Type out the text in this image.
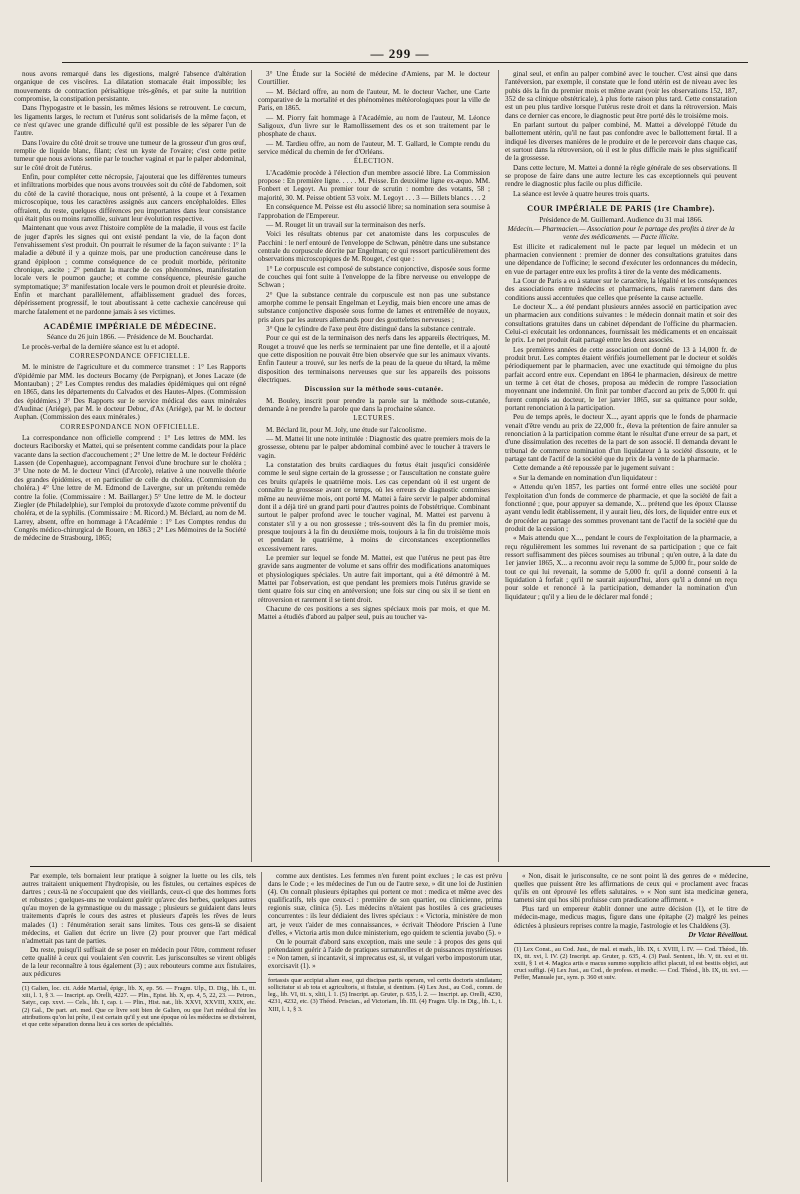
— 299 —

nous avons remarqué dans les digestions, malgré l'absence d'altération organique de ces viscères. La dilatation stomacale était impossible; les mouvements de contraction périsaltique très-gênés, et par suite la nutrition compromise, la constipation persistante.

Dans l'hypogastre et le bassin, les mêmes lésions se retrouvent. Le cœcum, les ligaments larges, le rectum et l'utérus sont solidarisés de la même façon, et ce n'est qu'avec une grande difficulté qu'il est possible de les séparer l'un de l'autre.

Dans l'ovaire du côté droit se trouve une tumeur de la grosseur d'un gros œuf, remplie de liquide blanc, filant; c'est un kyste de l'ovaire; c'est cette petite tumeur que nous avions sentie par le toucher vaginal et par le palper abdominal, sur le côté droit de l'utérus.

Enfin, pour compléter cette nécropsie, j'ajouterai que les différentes tumeurs et infiltrations morbides que nous avons trouvées soit du côté de l'abdomen, soit du côté de la cavité thoracique, nous ont présenté, à la coupe et à l'examen microscopique, tous les caractères assignés aux cancers encéphaloïdes. Elles offraient, du reste, quelques différences peu importantes dans leur consistance qui était plus ou moins ramollie, suivant leur évolution respective.

Maintenant que vous avez l'histoire complète de la maladie, il vous est facile de juger d'après les signes qui ont existé pendant la vie, de la façon dont l'envahissement s'est produit. On pourrait le résumer de la façon suivante : 1° la maladie a débuté il y a quinze mois, par une production cancéreuse dans le grand épiploon ; comme conséquence de ce produit morbide, péritonite chronique, ascite ; 2° pendant la marche de ces phénomènes, manifestation locale vers le poumon gauche; et comme conséquence, pleurésie gauche symptomatique; 3° manifestation locale vers le poumon droit et pleurésie droite. Enfin et marchant parallèlement, affaiblissement graduel des forces, dépérissement progressif, le tout aboutissant à cette cachexie cancéreuse qui marche fatalement et ne pardonne jamais à ses victimes.

ACADÉMIE IMPÉRIALE DE MÉDECINE.

Séance du 26 juin 1866. — Présidence de M. Bouchardat.

Le procès-verbal de la dernière séance est lu et adopté.

CORRESPONDANCE OFFICIELLE.

M. le ministre de l'agriculture et du commerce transmet : 1° Les Rapports d'épidémie par MM. les docteurs Bocamy (de Perpignan), et Jones Lacaze (de Montauban) ; 2° Les Comptes rendus des maladies épidémiques qui ont régné en 1865, dans les départements du Calvados et des Hautes-Alpes. (Commission des épidémies.) 3° Des Rapports sur le service médical des eaux minérales d'Audinac (Ariége), par M. le docteur Debuc, d'Ax (Ariége), par M. le docteur Auphan. (Commission des eaux minérales.)

CORRESPONDANCE NON OFFICIELLE.

La correspondance non officielle comprend : 1° Les lettres de MM. les docteurs Raciborsky et Mattei, qui se présentent comme candidats pour la place vacante dans la section d'accouchement ; 2° Une lettre de M. le docteur Frédéric Lassen (de Copenhague), accompagnant l'envoi d'une brochure sur le choléra ; 3° Une note de M. le docteur Vinci (d'Arcole), relative à une nouvelle théorie des grandes épidémies, et en particulier de celle du choléra. (Commission du choléra.) 4° Une lettre de M. Edmond de Lavergne, sur un prétendu remède contre la folie. (Commissaire : M. Baillarger.) 5° Une lettre de M. le docteur Ziegler (de Philadelphie), sur l'emploi du protoxyde d'azote comme préventif du choléra, et de la syphilis. (Commissaire : M. Ricord.) M. Béclard, au nom de M. Larrey, absent, offre en hommage à l'Académie : 1° Les Comptes rendus du Congrès médico-chirurgical de Rouen, en 1863 ; 2° Les Mémoires de la Société de médecine de Strasbourg, 1865;

3° Une Étude sur la Société de médecine d'Amiens, par M. le docteur Courtillier.

— M. Béclard offre, au nom de l'auteur, M. le docteur Vacher, une Carte comparative de la mortalité et des phénomènes météorologiques pour la ville de Paris, en 1865.

— M. Piorry fait hommage à l'Académie, au nom de l'auteur, M. Léonce Saligoux, d'un livre sur le Ramollissement des os et son traitement par le phosphate de chaux.

— M. Tardieu offre, au nom de l'auteur, M. T. Gallard, le Compte rendu du service médical du chemin de fer d'Orléans.

ÉLECTION.

L'Académie procède à l'élection d'un membre associé libre. La Commission propose : En première ligne. . . . . M. Peisse. En deuxième ligne ex-æquo. MM. Fonbert et Legoyt. Au premier tour de scrutin : nombre des votants, 58 ; majorité, 30. M. Peisse obtient 53 voix. M. Legoyt . . . 3 — Billets blancs . . . 2

En conséquence M. Peisse est élu associé libre; sa nomination sera soumise à l'approbation de l'Empereur.

— M. Rouget lit un travail sur la terminaison des nerfs.

Voici les résultats obtenus par cet anatomiste dans les corpuscules de Pacchini : le nerf entouré de l'enveloppe de Schwan, pénètre dans une substance centrale du corpuscule décrite par Engelman; ce qui ressort particulièrement des observations microscopiques de M. Rouget, c'est que :

1° Le corpuscule est composé de substance conjonctive, disposée sous forme de couches qui font suite à l'enveloppe de la fibre nerveuse ou enveloppe de Schwan ;

2° Que la substance centrale du corpuscule est non pas une substance amorphe comme le pensait Engelman et Leydig, mais bien encore une amas de substance conjonctive disposée sous forme de lames et entremêlée de noyaux, pris alors par les auteurs allemands pour des gouttelettes nerveuses ;

3° Que le cylindre de l'axe peut être distingué dans la substance centrale.

Pour ce qui est de la terminaison des nerfs dans les appareils électriques, M. Rouget a trouvé que les nerfs se terminaient par une fine dentelle, et il a ajouté que cette disposition ne pouvait être bien observée que sur les animaux vivants. Enfin l'auteur a trouvé, sur les nerfs de la peau de la queue du têtard, la même disposition des terminaisons nerveuses que sur les appareils des poissons électriques.

Discussion sur la méthode sous-cutanée.

M. Bouley, inscrit pour prendre la parole sur la méthode sous-cutanée, demande à ne prendre la parole que dans la prochaine séance.

LECTURES.

M. Béclard lit, pour M. Joly, une étude sur l'alcoolisme.

— M. Mattei lit une note intitulée : Diagnostic des quatre premiers mois de la grossesse, obtenu par le palper abdominal combiné avec le toucher à travers le vagin.

La constatation des bruits cardiaques du fœtus était jusqu'ici considérée comme le seul signe certain de la grossesse ; or l'auscultation ne constate guère ces bruits qu'après le quatrième mois. Les cas cependant où il est urgent de connaître la grossesse avant ce temps, où les erreurs de diagnostic commises même au neuvième mois, ont porté M. Mattei à faire servir le palper abdominal dont il a déjà tiré un grand parti pour d'autres points de l'obstétrique. Combinant surtout le palper profond avec le toucher vaginal, M. Mattei est parvenu à constater s'il y a ou non grossesse ; très-souvent dès la fin du premier mois, presque toujours à la fin du deuxième mois, toujours à la fin du troisième mois et pendant le quatrième, à moins de circonstances exceptionnelles excessivement rares.

Le premier sur lequel se fonde M. Mattei, est que l'utérus ne peut pas être gravide sans augmenter de volume et sans offrir des modifications anatomiques et physiologiques spéciales. Un autre fait important, qui a été démontré à M. Mattei par l'observation, est que pendant les premiers mois l'utérus gravide se tient quatre fois sur cinq en antéversion; une fois sur cinq ou six il se tient en rétroversion et rarement il se tient droit.

Chacune de ces positions a ses signes spéciaux mois par mois, et que M. Mattei a étudiés d'abord au palper seul, puis au toucher va-

ginal seul, et enfin au palper combiné avec le toucher. C'est ainsi que dans l'antéversion, par exemple, il constate que le fond utérin est de niveau avec les pubis dès la fin du premier mois et même avant (voir les observations 152, 187, 352 de sa clinique obstétricale), à plus forte raison plus tard. Cette constatation est un peu plus tardive lorsque l'utérus reste droit et dans la rétroversion. Mais dans ce dernier cas encore, le diagnostic peut être porté dès le troisième mois.

En parlant surtout du palper combiné, M. Mattei a développé l'étude du ballottement utérin, qu'il ne faut pas confondre avec le ballottement fœtal. Il a indiqué les diverses manières de le produire et de le percevoir dans chaque cas, et surtout dans la rétroversion, où il est le plus difficile mais le plus significatif de la grossesse.

Dans cette lecture, M. Mattei a donné la règle générale de ses observations. Il se propose de faire dans une autre lecture les cas exceptionnels qui peuvent rendre le diagnostic plus facile ou plus difficile.

La séance est levée à quatre heures trois quarts.

COUR IMPÉRIALE DE PARIS (1re Chambre).

Présidence de M. Guillemard. Audience du 31 mai 1866.

Médecin.— Pharmacien.— Association pour le partage des profits à tirer de la vente des médicaments. — Pacte illicite.

Est illicite et radicalement nul le pacte par lequel un médecin et un pharmacien conviennent : premier de donner des consultations gratuites dans une dépendance de l'officine; le second d'exécuter les ordonnances du médecin, en vue de partager entre eux les profits à tirer de la vente des médicaments.

La Cour de Paris a eu à statuer sur le caractère, la légalité et les conséquences des associations entre médecins et pharmaciens, mais rarement dans des conditions aussi accentuées que celles que présente la cause actuelle.

Le docteur X... a été pendant plusieurs années associé en participation avec un pharmacien aux conditions suivantes : le médecin donnait matin et soir des consultations gratuites dans un cabinet dépendant de l'officine du pharmacien. Celui-ci exécutait les ordonnances, fournissait les médicaments et en encaissait le prix. Le net produit était partagé entre les deux associés.

Les premières années de cette association ont donné de 13 à 14,000 fr. de produit brut. Les comptes étaient vérifiés journellement par le docteur et soldés périodiquement par le pharmacien, avec une exactitude qui témoigne du plus parfait accord entre eux. Cependant en 1864 le pharmacien, désireux de mettre un terme à cet état de choses, proposa au médecin de rompre l'association moyennant une indemnité. On finit par tomber d'accord au prix de 5,000 fr. qui furent comptés au docteur, le 1er janvier 1865, sur sa quittance pour solde, portant renonciation à la participation.

Peu de temps après, le docteur X..., ayant appris que le fonds de pharmacie venait d'être vendu au prix de 22,000 fr., éleva la prétention de faire annuler sa renonciation à la participation comme étant le résultat d'une erreur de sa part, et d'une dissimulation des recettes de la part de son associé. Il demanda devant le tribunal de commerce nomination d'un liquidateur à la société dissoute, et le partage tant de l'actif de la société que du prix de la vente de la pharmacie.

Cette demande a été repoussée par le jugement suivant :

« Sur la demande en nomination d'un liquidateur :

« Attendu qu'en 1857, les parties ont formé entre elles une société pour l'exploitation d'un fonds de commerce de pharmacie, et que la société de fait a fonctionné ; que, pour appuyer sa demande, X... prétend que les époux Clausse ayant vendu ledit établissement, il y aurait lieu, dès lors, de liquider entre eux et de procéder au partage des sommes provenant tant de l'actif de la société que du produit de la cession ;

« Mais attendu que X..., pendant le cours de l'exploitation de la pharmacie, a reçu régulièrement les sommes lui revenant de sa participation ; que ce fait ressort suffisamment des pièces soumises au tribunal ; qu'en outre, à la date du 1er janvier 1865, X... a reconnu avoir reçu la somme de 5,000 fr., pour solde de tout ce qui lui revenait, la somme de 5,000 fr. qu'il a donné consenti à la liquidation à forfait ; qu'il ne saurait aujourd'hui, alors qu'il a donné un reçu pour solde et renoncé à la participation, demander la nomination d'un liquidateur ; qu'il y a lieu de le déclarer mal fondé ;

Par exemple, tels bornaient leur pratique à soigner la luette ou les cils, tels autres traitaient uniquement l'hydropisie, ou les fistules, ou certaines espèces de dartres ; ceux-là ne s'occupaient que des vieillards, ceux-ci que des hommes forts et robustes ; quelques-uns ne voulaient guérir qu'avec des herbes, quelques autres qu'au moyen de la gymnastique ou du massage ; plusieurs se guidaient dans leurs traitements d'après le cours des astres et plusieurs d'après les rêves de leurs malades (1) : l'énumération serait sans limites. Tous ces gens-là se disaient médecins, et Galien dut écrire un livre (2) pour prouver que l'art médical n'admettait pas tant de parties.

Du reste, puisqu'il suffisait de se poser en médecin pour l'être, comment refuser cette qualité à ceux qui voulaient s'en couvrir. Les jurisconsultes se virent obligés de la leur reconnaître à tous également (3) ; aux rebouteurs comme aux fistulaires, aux pédicures

(1) Galien, loc. cit. Adde Martial, épigr., lib. X, ep. 56. — Fragm. Ulp., D. Dig., lib. L, tit. xiii, l. 1, § 3. — Inscript. ap. Orelli, 4227. — Plin., Epist. lib. X, ep. 4, 5, 22, 23. — Petron., Satyr., cap. xxvi. — Cels., lib. I, cap. i. — Plin., Hist. nat., lib. XXVI, XXVIII, XXIX, etc. (2) Gal., De part. art. med. Que ce livre soit bien de Galien, ou que l'art médical tînt les attributions qu'on lui prête, il est certain qu'il y eut une époque où les médecins se divisèrent, et que cette séparation donna lieu à ces sortes de spécialités.

comme aux dentistes. Les femmes n'en furent point exclues ; le cas est prévu dans le Code ; « les médecines de l'un ou de l'autre sexe, » dit une loi de Justinien (4). On connaît plusieurs épitaphes qui portent ce mot : medica et même avec des qualificatifs, tels que ceux-ci : première de son quartier, ou clinicienne, prima regionis suæ, clinica (5). Les médecins n'étaient pas hostiles à ces gracieuses concurrentes : ils leur dédiaient des livres spéciaux : « Victoria, ministère de mon art, je veux t'aider de mes connaissances, » écrivait Théodore Priscien à l'une d'elles, « Victoria artis mon dulce ministerium, ego quidem te scientia juvabo (5). »

On le pourrait d'abord sans exception, mais une seule : à propos des gens qui prétendaient guérir à l'aide de pratiques surnaturelles et de puissances mystérieuses : « Non tamen, si incantavit, si imprecatus est, si, ut vulgari verbo impostorum utar, exorcisavit (1). »

fortassis quæ accipiat aliam esse, qui discipas partis operam, vel certis doctoris similatam; sollicitatur si ab tota et agricultoris, si fistulæ, si dentium. (4) Lex Just., au Cod., comm. de leg., lib. VI, tit. x, xliii, l. 1. (5) Inscript. ap. Gruter, p. 635, l. 2. — Inscript. ap. Orelli, 4230, 4231, 4232, etc. (3) Théod. Priscian., ad Victoriam, lib. III. (4) Fragm. Ulp. in Dig., lib. L, t. XIII, l. 1, § 3.

« Non, disait le jurisconsulte, ce ne sont point là des genres de « médecine, quelles que puissent être les affirmations de ceux qui « proclament avec fracas qu'ils en ont éprouvé les effets salutaires. » « Non sunt ista medicinæ genera, tametsi sint qui hos sibi profuisse cum prædicatione affirment. »

Plus tard un empereur établit donner une autre décision (1), et le titre de médecin-mage, medicus magus, figure dans une épitaphe (2) malgré les peines édictées à plusieurs reprises contre la magie, l'astrologie et les Chaldéens (3).

Dr Victor Réveillout.

(1) Lex Const., au Cod. Just., de mal. et math., lib. IX, t. XVIII, l. IV. — Cod. Théod., lib. IX, tit. xvi, l. IV. (2) Inscript. ap. Gruter, p. 635, 4. (3) Paul. Sentent., lib. V, tit. xxi et tit. xxiii, § 1 et 4. Magica artis e macus summo supplicio affici placuit, id est bestiis objici, aut cruci suffigi. (4) Lex Just., au Cod., de profess. et medic. — Cod. Théod., lib. IX, tit. xvi. — Peffer, Manuale jur., sym. p. 360 et suiv.
